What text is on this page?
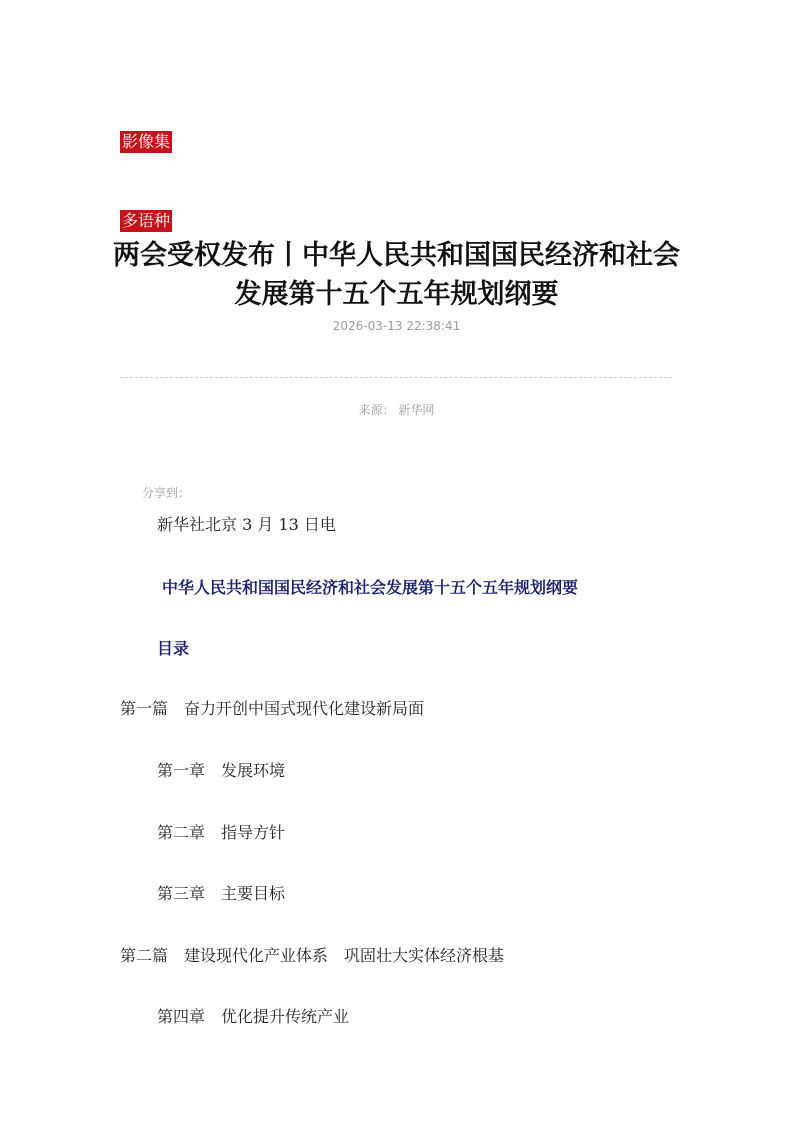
影像集
多语种
两会受权发布丨中华人民共和国国民经济和社会发展第十五个五年规划纲要
2026-03-13 22:38:41
来源： 新华网
分享到：
新华社北京 3 月 13 日电
中华人民共和国国民经济和社会发展第十五个五年规划纲要
目录
第一篇　奋力开创中国式现代化建设新局面
第一章　发展环境
第二章　指导方针
第三章　主要目标
第二篇　建设现代化产业体系　巩固壮大实体经济根基
第四章　优化提升传统产业
